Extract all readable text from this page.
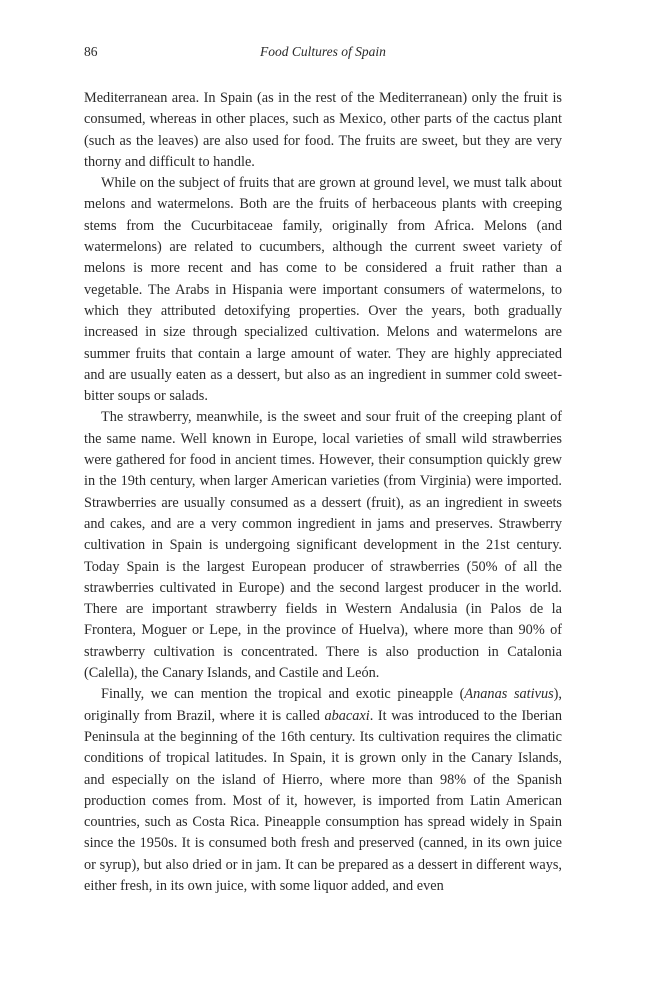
86	Food Cultures of Spain

Mediterranean area. In Spain (as in the rest of the Mediterranean) only the fruit is consumed, whereas in other places, such as Mexico, other parts of the cactus plant (such as the leaves) are also used for food. The fruits are sweet, but they are very thorny and difficult to handle.

While on the subject of fruits that are grown at ground level, we must talk about melons and watermelons. Both are the fruits of herbaceous plants with creeping stems from the Cucurbitaceae family, originally from Africa. Melons (and watermelons) are related to cucumbers, although the current sweet variety of melons is more recent and has come to be considered a fruit rather than a vegetable. The Arabs in Hispania were important consumers of watermelons, to which they attributed detoxifying properties. Over the years, both gradually increased in size through specialized cultivation. Melons and watermelons are summer fruits that contain a large amount of water. They are highly appreciated and are usually eaten as a dessert, but also as an ingredient in summer cold sweet-bitter soups or salads.

The strawberry, meanwhile, is the sweet and sour fruit of the creeping plant of the same name. Well known in Europe, local varieties of small wild strawberries were gathered for food in ancient times. However, their consumption quickly grew in the 19th century, when larger American varieties (from Virginia) were imported. Strawberries are usually consumed as a dessert (fruit), as an ingredient in sweets and cakes, and are a very common ingredient in jams and preserves. Strawberry cultivation in Spain is undergoing significant development in the 21st century. Today Spain is the largest European producer of strawberries (50% of all the strawberries cultivated in Europe) and the second largest producer in the world. There are important strawberry fields in Western Andalusia (in Palos de la Frontera, Moguer or Lepe, in the province of Huelva), where more than 90% of strawberry cultivation is concentrated. There is also production in Catalonia (Calella), the Canary Islands, and Castile and León.

Finally, we can mention the tropical and exotic pineapple (Ananas sativus), originally from Brazil, where it is called abacaxi. It was introduced to the Iberian Peninsula at the beginning of the 16th century. Its cultivation requires the climatic conditions of tropical latitudes. In Spain, it is grown only in the Canary Islands, and especially on the island of Hierro, where more than 98% of the Spanish production comes from. Most of it, however, is imported from Latin American countries, such as Costa Rica. Pineapple consumption has spread widely in Spain since the 1950s. It is consumed both fresh and preserved (canned, in its own juice or syrup), but also dried or in jam. It can be prepared as a dessert in different ways, either fresh, in its own juice, with some liquor added, and even
